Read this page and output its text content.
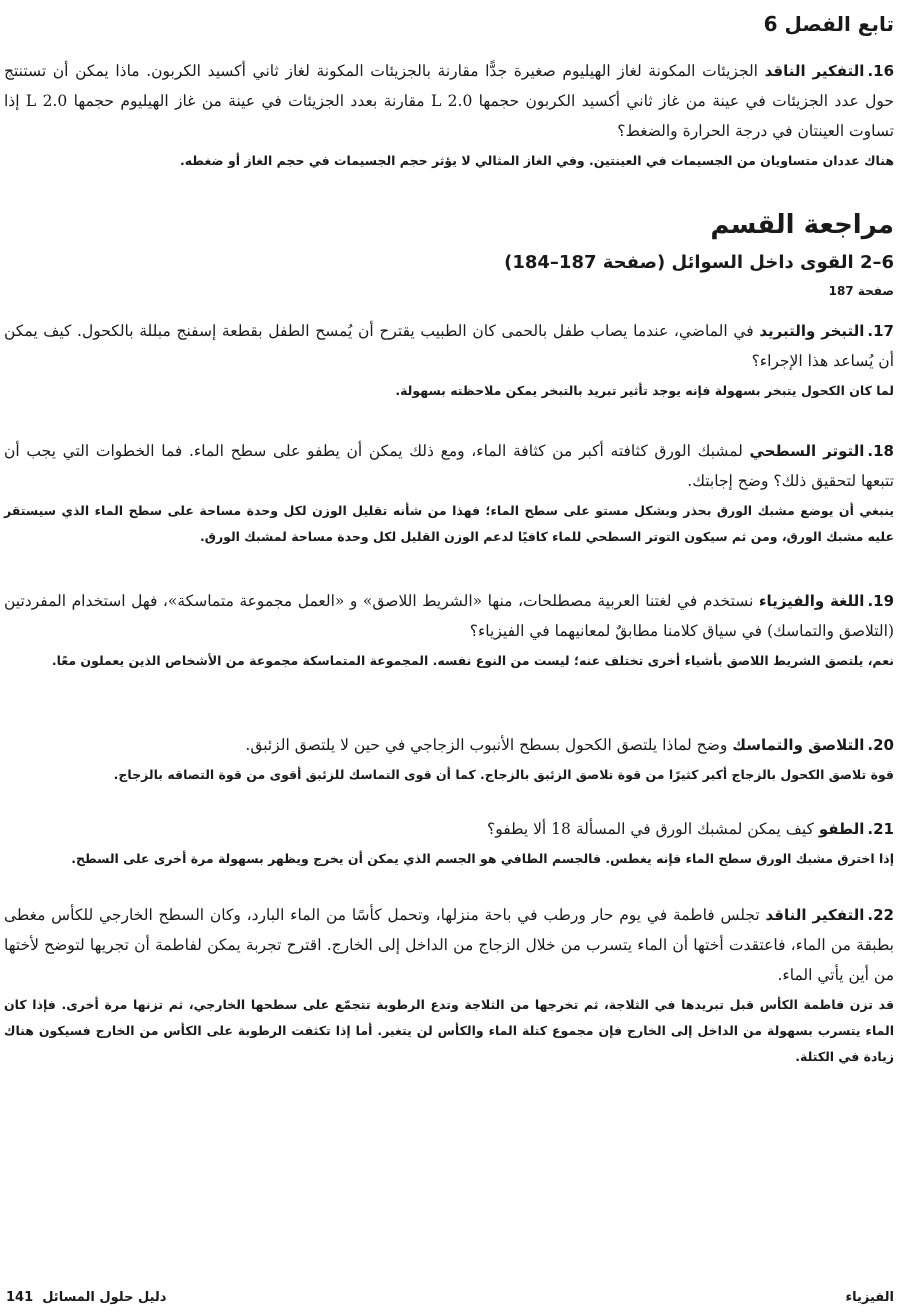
تابع الفصل 6

16.التفكير الناقد الجزيئات المكونة لغاز الهيليوم صغيرة جدًّا مقارنة بالجزيئات المكونة لغاز ثاني أكسيد الكربون. ماذا يمكن أن تستنتج حول عدد الجزيئات في عينة من غاز ثاني أكسيد الكربون حجمها 2.0 L مقارنة بعدد الجزيئات في عينة من غاز الهيليوم حجمها 2.0 L إذا تساوت العينتان في درجة الحرارة والضغط؟

هناك عددان متساويان من الجسيمات في العينتين. وفي الغاز المثالي لا يؤثر حجم الجسيمات في حجم الغاز أو ضغطه.

مراجعة القسم
6–2 القوى داخل السوائل (صفحة 187–184)
صفحة 187

17.التبخر والتبريد في الماضي، عندما يصاب طفل بالحمى كان الطبيب يقترح أن يُمسح الطفل بقطعة إسفنج مبللة بالكحول. كيف يمكن أن يُساعد هذا الإجراء؟

لما كان الكحول يتبخر بسهولة فإنه يوجد تأثير تبريد بالتبخر يمكن ملاحظته بسهولة.

18.التوتر السطحي لمشبك الورق كثافته أكبر من كثافة الماء، ومع ذلك يمكن أن يطفو على سطح الماء. فما الخطوات التي يجب أن تتبعها لتحقيق ذلك؟ وضح إجابتك.

ينبغي أن يوضع مشبك الورق بحذر وبشكل مستو على سطح الماء؛ فهذا من شأنه تقليل الوزن لكل وحدة مساحة على سطح الماء الذي سيستقر عليه مشبك الورق، ومن ثم سيكون التوتر السطحي للماء كافيًا لدعم الوزن القليل لكل وحدة مساحة لمشبك الورق.

19.اللغة والفيزياء نستخدم في لغتنا العربية مصطلحات، منها «الشريط اللاصق» و «العمل مجموعة متماسكة»، فهل استخدام المفردتين (التلاصق والتماسك) في سياق كلامنا مطابقٌ لمعانيهما في الفيزياء؟

نعم، يلتصق الشريط اللاصق بأشياء أخرى تختلف عنه؛ ليست من النوع نفسه. المجموعة المتماسكة مجموعة من الأشخاص الذين يعملون معًا.

20.التلاصق والتماسك وضح لماذا يلتصق الكحول بسطح الأنبوب الزجاجي في حين لا يلتصق الزئبق.

قوة تلاصق الكحول بالزجاج أكبر كثيرًا من قوة تلاصق الزئبق بالزجاج. كما أن قوى التماسك للزئبق أقوى من قوة التصاقه بالزجاج.

21.الطفو كيف يمكن لمشبك الورق في المسألة 18 ألا يطفو؟

إذا اخترق مشبك الورق سطح الماء فإنه يغطس. فالجسم الطافي هو الجسم الذي يمكن أن يخرج ويظهر بسهولة مرة أخرى على السطح.

22.التفكير الناقد تجلس فاطمة في يوم حار ورطب في باحة منزلها، وتحمل كأسًا من الماء البارد، وكان السطح الخارجي للكأس مغطى بطبقة من الماء، فاعتقدت أختها أن الماء يتسرب من خلال الزجاج من الداخل إلى الخارج. اقترح تجربة يمكن لفاطمة أن تجريها لتوضح لأختها من أين يأتي الماء.

قد تزن فاطمة الكأس قبل تبريدها في الثلاجة، ثم تخرجها من الثلاجة وتدع الرطوبة تتجمّع على سطحها الخارجي، ثم تزنها مرة أخرى. فإذا كان الماء يتسرب بسهولة من الداخل إلى الخارج فإن مجموع كتلة الماء والكأس لن يتغير. أما إذا تكثفت الرطوبة على الكأس من الخارج فسيكون هناك زيادة في الكتلة.

الفيزياء
دليل حلول المسائل  141
